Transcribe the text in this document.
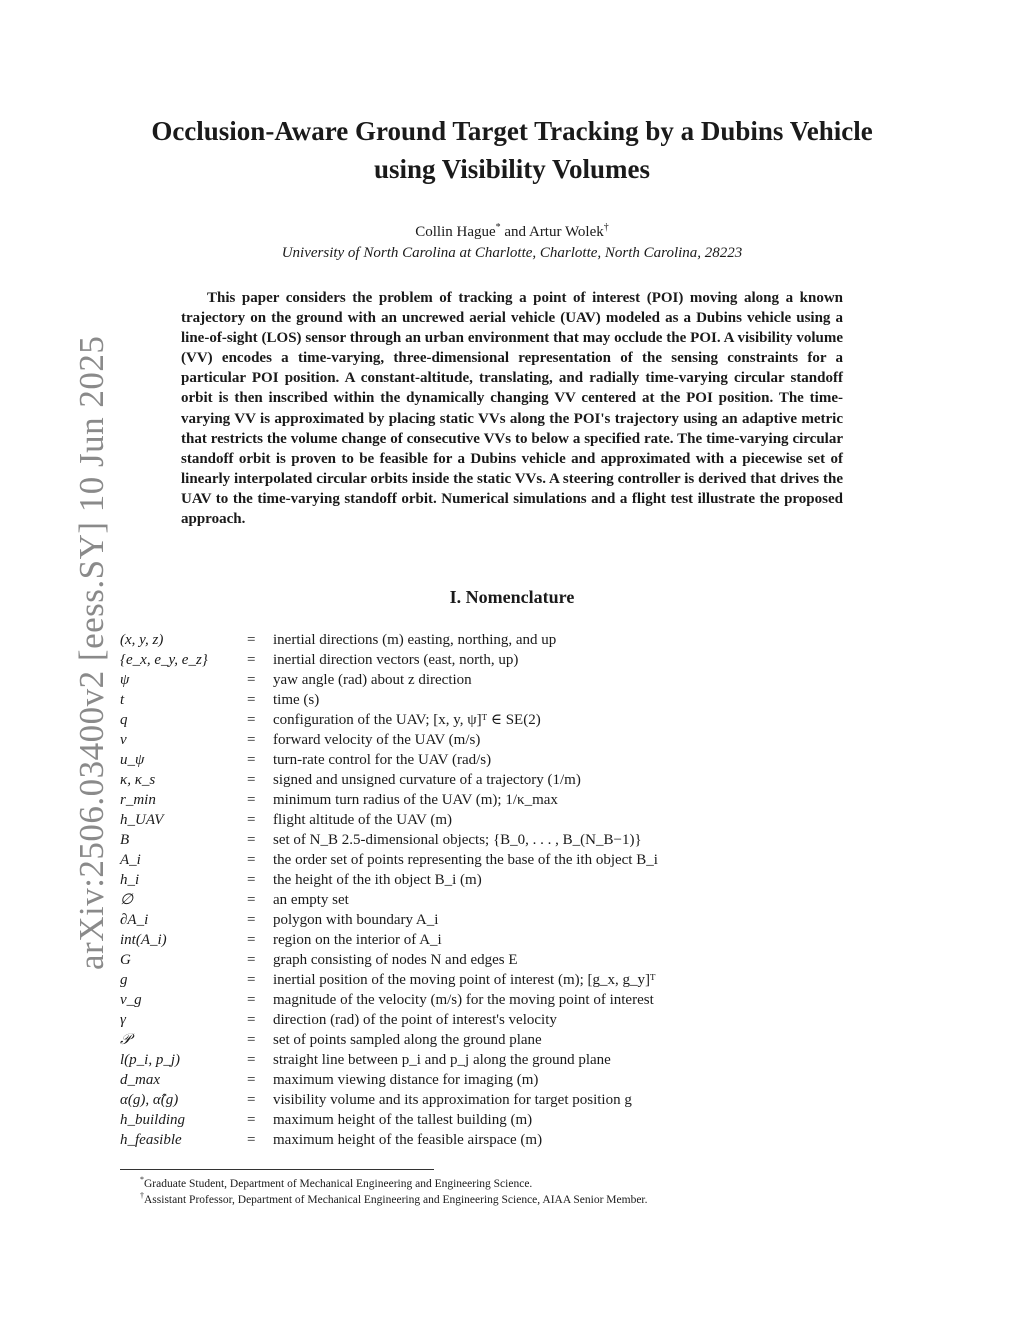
arXiv:2506.03400v2 [eess.SY] 10 Jun 2025
Occlusion-Aware Ground Target Tracking by a Dubins Vehicle
using Visibility Volumes
Collin Hague* and Artur Wolek†
University of North Carolina at Charlotte, Charlotte, North Carolina, 28223

This paper considers the problem of tracking a point of interest (POI) moving along a known trajectory on the ground with an uncrewed aerial vehicle (UAV) modeled as a Dubins vehicle using a line-of-sight (LOS) sensor through an urban environment that may occlude the POI. A visibility volume (VV) encodes a time-varying, three-dimensional representation of the sensing constraints for a particular POI position. A constant-altitude, translating, and radially time-varying circular standoff orbit is then inscribed within the dynamically changing VV centered at the POI position. The time-varying VV is approximated by placing static VVs along the POI's trajectory using an adaptive metric that restricts the volume change of consecutive VVs to below a specified rate. The time-varying circular standoff orbit is proven to be feasible for a Dubins vehicle and approximated with a piecewise set of linearly interpolated circular orbits inside the static VVs. A steering controller is derived that drives the UAV to the time-varying standoff orbit. Numerical simulations and a flight test illustrate the proposed approach.

I. Nomenclature
(x, y, z)	= inertial directions (m) easting, northing, and up
{e_x, e_y, e_z}	= inertial direction vectors (east, north, up)
ψ	= yaw angle (rad) about z direction
t	= time (s)
q	= configuration of the UAV; [x, y, ψ]ᵀ ∈ SE(2)
v	= forward velocity of the UAV (m/s)
u_ψ	= turn-rate control for the UAV (rad/s)
κ, κ_s	= signed and unsigned curvature of a trajectory (1/m)
r_min	= minimum turn radius of the UAV (m); 1/κ_max
h_UAV	= flight altitude of the UAV (m)
B	= set of N_B 2.5-dimensional objects; {B_0, . . . , B_(N_B−1)}
A_i	= the order set of points representing the base of the ith object B_i
h_i	= the height of the ith object B_i (m)
∅	= an empty set
∂A_i	= polygon with boundary A_i
int(A_i)	= region on the interior of A_i
G	= graph consisting of nodes N and edges E
g	= inertial position of the moving point of interest (m); [g_x, g_y]ᵀ
v_g	= magnitude of the velocity (m/s) for the moving point of interest
γ	= direction (rad) of the point of interest's velocity
𝒫	= set of points sampled along the ground plane
l(p_i, p_j)	= straight line between p_i and p_j along the ground plane
d_max	= maximum viewing distance for imaging (m)
α(g), α̂(g)	= visibility volume and its approximation for target position g
h_building	= maximum height of the tallest building (m)
h_feasible	= maximum height of the feasible airspace (m)
*Graduate Student, Department of Mechanical Engineering and Engineering Science.
†Assistant Professor, Department of Mechanical Engineering and Engineering Science, AIAA Senior Member.
